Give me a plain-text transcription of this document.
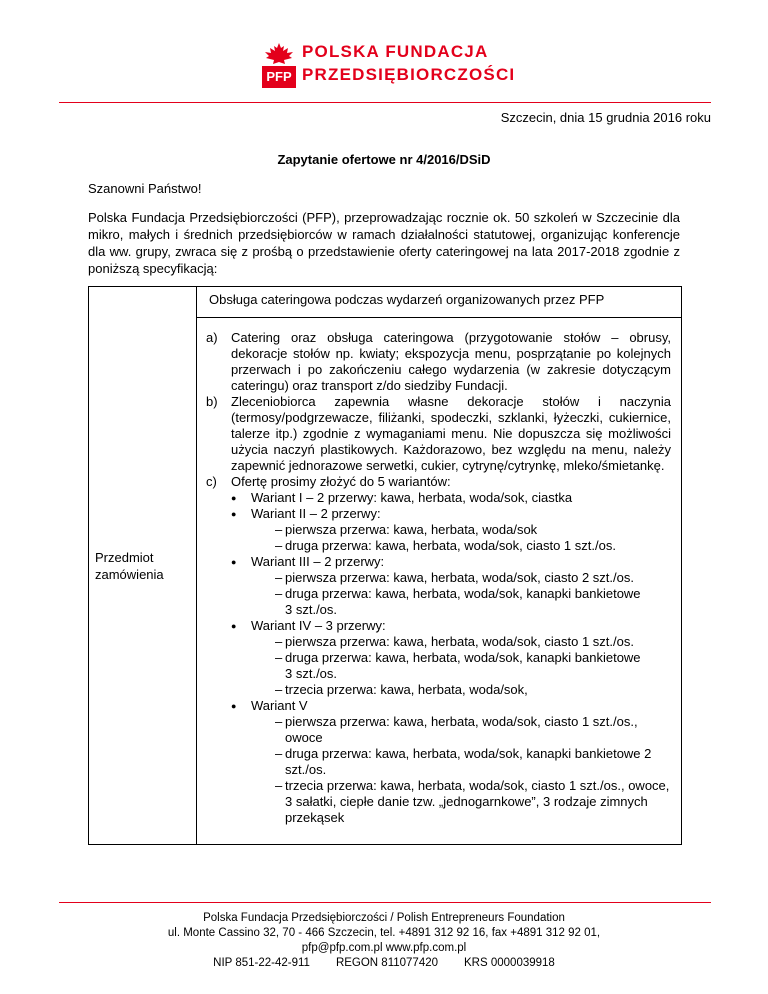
PFP
POLSKA FUNDACJA
PRZEDSIĘBIORCZOŚCI
Szczecin, dnia 15 grudnia 2016 roku
Zapytanie ofertowe nr 4/2016/DSiD
Szanowni Państwo!
Polska Fundacja Przedsiębiorczości (PFP), przeprowadzając rocznie ok. 50 szkoleń w Szczecinie dla mikro, małych i średnich przedsiębiorców w ramach działalności statutowej, organizując konferencje dla ww. grupy, zwraca się z prośbą o przedstawienie oferty cateringowej na lata 2017-2018 zgodnie z poniższą specyfikacją:
Przedmiot zamówienia
	Obsługa cateringowa podczas wydarzeń organizowanych przez PFP

a)	Catering oraz obsługa cateringowa (przygotowanie stołów – obrusy, dekoracje stołów np. kwiaty; ekspozycja menu, posprzątanie po kolejnych przerwach i po zakończeniu całego wydarzenia (w zakresie dotyczącym cateringu) oraz transport z/do siedziby Fundacji.
b)	Zleceniobiorca zapewnia własne dekoracje stołów i naczynia (termosy/podgrzewacze, filiżanki, spodeczki, szklanki, łyżeczki, cukiernice, talerze itp.) zgodnie z wymaganiami menu. Nie dopuszcza się możliwości użycia naczyń plastikowych. Każdorazowo, bez względu na menu, należy zapewnić jednorazowe serwetki, cukier, cytrynę/cytrynkę, mleko/śmietankę.
c)	Ofertę prosimy złożyć do 5 wariantów:
●	Wariant I – 2 przerwy: kawa, herbata, woda/sok, ciastka
●	Wariant II – 2 przerwy:
– pierwsza przerwa: kawa, herbata, woda/sok
– druga przerwa: kawa, herbata, woda/sok, ciasto 1 szt./os.
●	Wariant III – 2 przerwy:
– pierwsza przerwa: kawa, herbata, woda/sok, ciasto 2 szt./os.
– druga przerwa: kawa, herbata, woda/sok, kanapki bankietowe
3 szt./os.
●	Wariant IV – 3 przerwy:
– pierwsza przerwa: kawa, herbata, woda/sok, ciasto 1 szt./os.
– druga przerwa: kawa, herbata, woda/sok, kanapki bankietowe
3 szt./os.
– trzecia przerwa: kawa, herbata, woda/sok,
●	Wariant V
– pierwsza przerwa: kawa, herbata, woda/sok, ciasto 1 szt./os.,
owoce
– druga przerwa: kawa, herbata, woda/sok, kanapki bankietowe 2
szt./os.
– trzecia przerwa: kawa, herbata, woda/sok, ciasto 1 szt./os., owoce,
3 sałatki, ciepłe danie tzw. „jednogarnkowe”, 3 rodzaje zimnych przekąsek
Polska Fundacja Przedsiębiorczości / Polish Entrepreneurs Foundation
ul. Monte Cassino 32, 70 - 466 Szczecin, tel. +4891 312 92 16, fax +4891 312 92 01,
pfp@pfp.com.pl www.pfp.com.pl
NIP 851-22-42-911 REGON 811077420 KRS 0000039918
